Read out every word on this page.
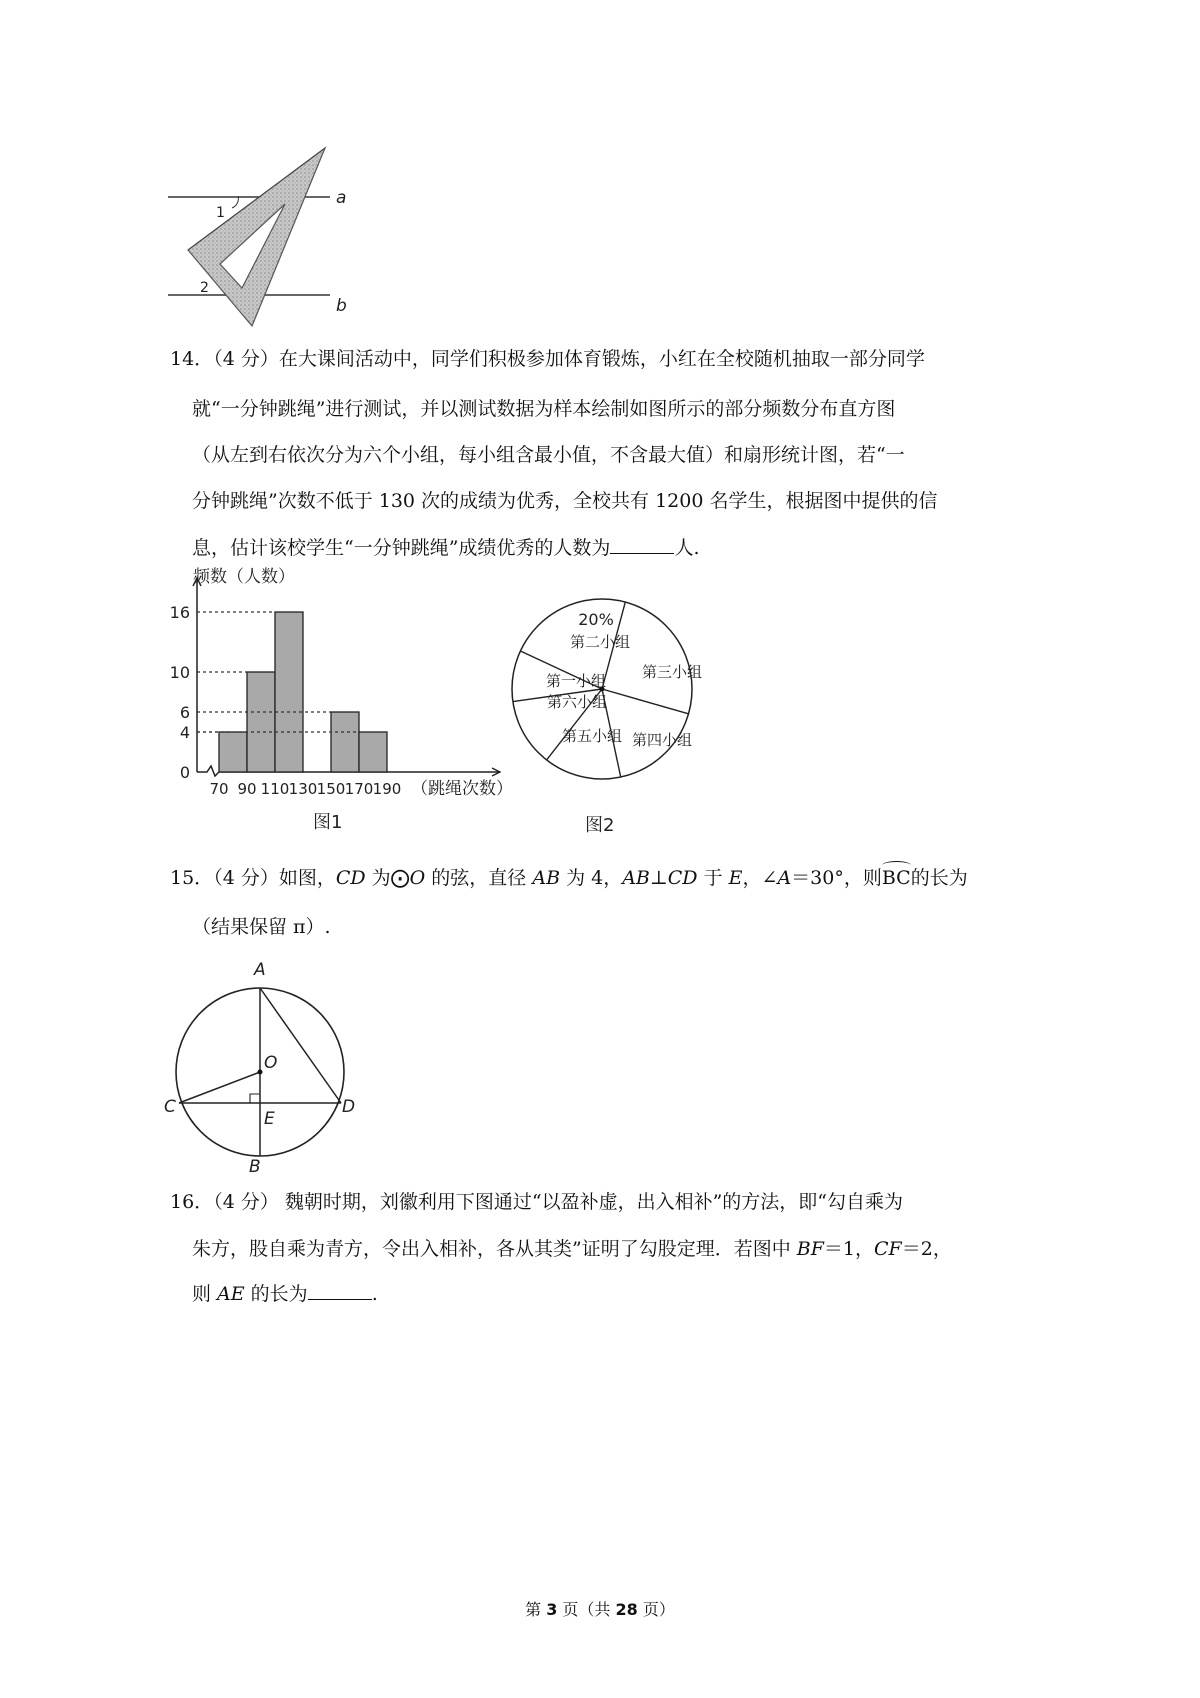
1
2
a
b
14．（4 分）在大课间活动中，同学们积极参加体育锻炼，小红在全校随机抽取一部分同学
就“一分钟跳绳”进行测试，并以测试数据为样本绘制如图所示的部分频数分布直方图
（从左到右依次分为六个小组，每小组含最小值，不含最大值）和扇形统计图，若“一
分钟跳绳”次数不低于 130 次的成绩为优秀，全校共有 1200 名学生，根据图中提供的信
息，估计该校学生“一分钟跳绳”成绩优秀的人数为	人.
频数（人数）
0
4
6
10
16
70 90 110 130 150 170 190 （跳绳次数）
图1
20%
第二小组
第三小组
第四小组
第五小组
第六小组
第一小组
图2
15．（4 分）如图，CD 为⨀O 的弦，直径 AB 为 4，AB⊥CD 于 E，∠A＝30°，则
BC的长为
（结果保留 π）.
A
O
C	D
E
B
16．（4 分） 魏朝时期，刘徽利用下图通过“以盈补虚，出入相补”的方法，即“勾自乘为
朱方，股自乘为青方，令出入相补，各从其类”证明了勾股定理．若图中 BF＝1，CF＝2，
则 AE 的长为	.
第 3 页（共 28 页）
